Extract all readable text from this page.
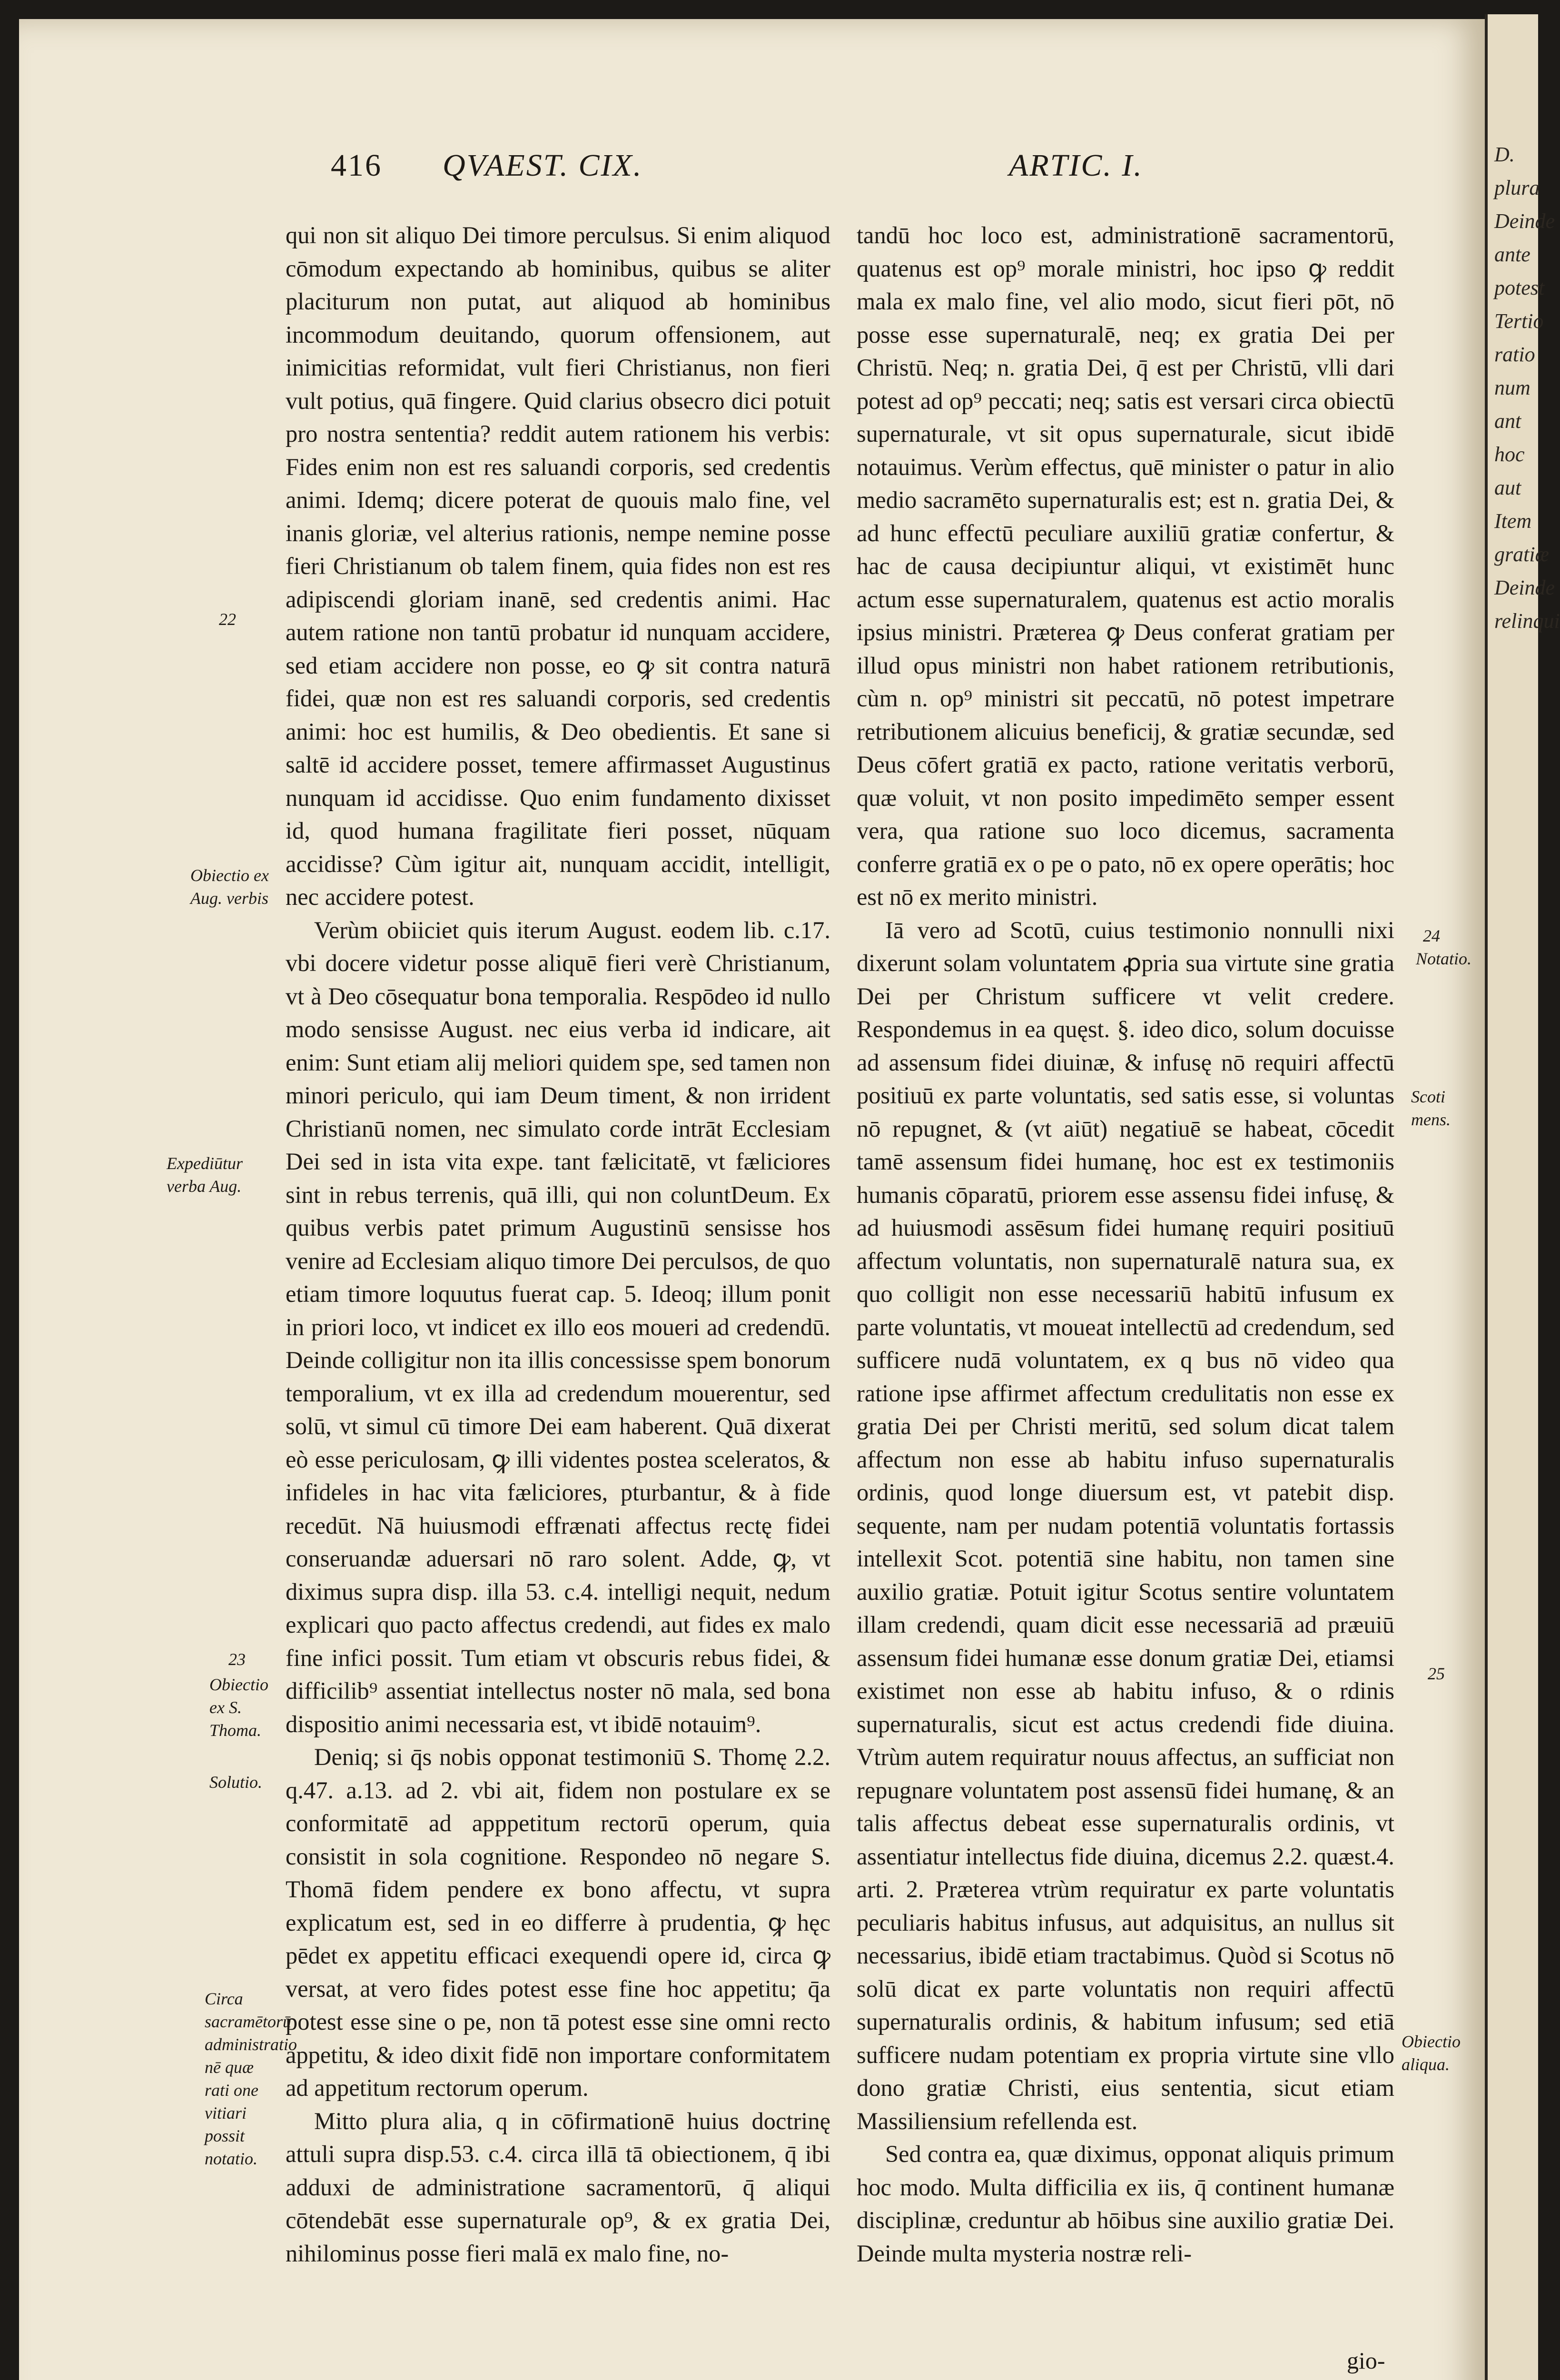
416 QVAEST. CIX.	ARTIC. I.

qui non sit aliquo Dei timore perculsus. Si enim aliquod cōmodum expectando ab hominibus, quibus se aliter placiturum non putat, aut aliquod ab hominibus incommodum deuitando, quorum offensionem, aut inimicitias reformidat, vult fieri Christianus, non fieri vult potius, quā fingere. Quid clarius obsecro dici potuit pro nostra sententia? reddit autem rationem his verbis: Fides enim non est res saluandi corporis, sed credentis animi. Idemq; dicere poterat de quouis malo fine, vel inanis gloriæ, vel alterius rationis, nempe nemine posse fieri Christianum ob talem finem, quia fides non est res adipiscendi gloriam inanē, sed credentis animi. Hac autem ratione non tantū probatur id nunquam accidere, sed etiam accidere non posse, eo ꝙ sit contra naturā fidei, quæ non est res saluandi corporis, sed credentis animi: hoc est humilis, & Deo obedientis. Et sane si saltē id accidere posset, temere affirmasset Augustinus nunquam id accidisse. Quo enim fundamento dixisset id, quod humana fragilitate fieri posset, nūquam accidisse? Cùm igitur ait, nunquam accidit, intelligit, nec accidere potest.

Verùm obiiciet quis iterum August. eodem lib. c.17. vbi docere videtur posse aliquē fieri verè Christianum, vt à Deo cōsequatur bona temporalia. Respōdeo id nullo modo sensisse August. nec eius verba id indicare, ait enim: Sunt etiam alij meliori quidem spe, sed tamen non minori periculo, qui iam Deum timent, & non irrident Christianū nomen, nec simulato corde intrāt Ecclesiam Dei sed in ista vita expe. tant fælicitatē, vt fæliciores sint in rebus terrenis, quā illi, qui non coluntDeum. Ex quibus verbis patet primum Augustinū sensisse hos venire ad Ecclesiam aliquo timore Dei perculsos, de quo etiam timore loquutus fuerat cap. 5. Ideoq; illum ponit in priori loco, vt indicet ex illo eos moueri ad credendū. Deinde colligitur non ita illis concessisse spem bonorum temporalium, vt ex illa ad credendum mouerentur, sed solū, vt simul cū timore Dei eam haberent. Quā dixerat eò esse periculosam, ꝙ illi videntes postea sceleratos, & infideles in hac vita fæliciores, pturbantur, & à fide recedūt. Nā huiusmodi effrænati affectus rectę fidei conseruandæ aduersari nō raro solent. Adde, ꝙ, vt diximus supra disp. illa 53. c.4. intelligi nequit, nedum explicari quo pacto affectus credendi, aut fides ex malo fine infici possit. Tum etiam vt obscuris rebus fidei, & difficilib⁹ assentiat intellectus noster nō mala, sed bona dispositio animi necessaria est, vt ibidē notauim⁹.

Deniq; si q̄s nobis opponat testimoniū S. Thomę 2.2. q.47. a.13. ad 2. vbi ait, fidem non postulare ex se conformitatē ad apppetitum rectorū operum, quia consistit in sola cognitione. Respondeo nō negare S. Thomā fidem pendere ex bono affectu, vt supra explicatum est, sed in eo differre à prudentia, ꝙ hęc pēdet ex appetitu efficaci exequendi opere id, circa ꝙ versat, at vero fides potest esse fine hoc appetitu; q̄a potest esse sine o pe, non tā potest esse sine omni recto appetitu, & ideo dixit fidē non importare conformitatem ad appetitum rectorum operum.

Mitto plura alia, q in cōfirmationē huius doctrinę attuli supra disp.53. c.4. circa illā tā obiectionem, q̄ ibi adduxi de administratione sacramentorū, q̄ aliqui cōtendebāt esse supernaturale op⁹, & ex gratia Dei, nihilominus posse fieri malā ex malo fine, no-

tandū hoc loco est, administrationē sacramentorū, quatenus est op⁹ morale ministri, hoc ipso ꝙ reddit mala ex malo fine, vel alio modo, sicut fieri pōt, nō posse esse supernaturalē, neq; ex gratia Dei per Christū. Neq; n. gratia Dei, q̄ est per Christū, vlli dari potest ad op⁹ peccati; neq; satis est versari circa obiectū supernaturale, vt sit opus supernaturale, sicut ibidē notauimus. Verùm effectus, quē minister o patur in alio medio sacramēto supernaturalis est; est n. gratia Dei, & ad hunc effectū peculiare auxiliū gratiæ confertur, & hac de causa decipiuntur aliqui, vt existimēt hunc actum esse supernaturalem, quatenus est actio moralis ipsius ministri. Præterea ꝙ Deus conferat gratiam per illud opus ministri non habet rationem retributionis, cùm n. op⁹ ministri sit peccatū, nō potest impetrare retributionem alicuius beneficij, & gratiæ secundæ, sed Deus cōfert gratiā ex pacto, ratione veritatis verborū, quæ voluit, vt non posito impedimēto semper essent vera, qua ratione suo loco dicemus, sacramenta conferre gratiā ex o pe o pato, nō ex opere operātis; hoc est nō ex merito ministri.

Iā vero ad Scotū, cuius testimonio nonnulli nixi dixerunt solam voluntatem ꝓpria sua virtute sine gratia Dei per Christum sufficere vt velit credere. Respondemus in ea quęst. §. ideo dico, solum docuisse ad assensum fidei diuinæ, & infusę nō requiri affectū positiuū ex parte voluntatis, sed satis esse, si voluntas nō repugnet, & (vt aiūt) negatiuē se habeat, cōcedit tamē assensum fidei humanę, hoc est ex testimoniis humanis cōparatū, priorem esse assensu fidei infusę, & ad huiusmodi assēsum fidei humanę requiri positiuū affectum voluntatis, non supernaturalē natura sua, ex quo colligit non esse necessariū habitū infusum ex parte voluntatis, vt moueat intellectū ad credendum, sed sufficere nudā voluntatem, ex q bus nō video qua ratione ipse affirmet affectum credulitatis non esse ex gratia Dei per Christi meritū, sed solum dicat talem affectum non esse ab habitu infuso supernaturalis ordinis, quod longe diuersum est, vt patebit disp. sequente, nam per nudam potentiā voluntatis fortassis intellexit Scot. potentiā sine habitu, non tamen sine auxilio gratiæ. Potuit igitur Scotus sentire voluntatem illam credendi, quam dicit esse necessariā ad præuiū assensum fidei humanæ esse donum gratiæ Dei, etiamsi existimet non esse ab habitu infuso, & o rdinis supernaturalis, sicut est actus credendi fide diuina. Vtrùm autem requiratur nouus affectus, an sufficiat non repugnare voluntatem post assensū fidei humanę, & an talis affectus debeat esse supernaturalis ordinis, vt assentiatur intellectus fide diuina, dicemus 2.2. quæst.4. arti. 2. Præterea vtrùm requiratur ex parte voluntatis peculiaris habitus infusus, aut adquisitus, an nullus sit necessarius, ibidē etiam tractabimus. Quòd si Scotus nō solū dicat ex parte voluntatis non requiri affectū supernaturalis ordinis, & habitum infusum; sed etiā sufficere nudam potentiam ex propria virtute sine vllo dono gratiæ Christi, eius sententia, sicut etiam Massiliensium refellenda est.

Sed contra ea, quæ diximus, opponat aliquis primum hoc modo. Multa difficilia ex iis, q̄ continent humanæ disciplinæ, creduntur ab hōibus sine auxilio gratiæ Dei. Deinde multa mysteria nostræ reli-

gio-
22
Obiectio ex Aug. verbis
Expediūtur verba Aug.
23
Obiectio ex S. Thoma.
Solutio.
Circa sacramētorū administratio nē quæ rati one vitiari possit notatio.
24
Notatio.
Scoti mens.
25
Obiectio aliqua.
D.
plura
Deinde
ante
potest
Tertio
ratio
num
ant
hoc
aut
Item
gratiæ
Deinde
relinqui
